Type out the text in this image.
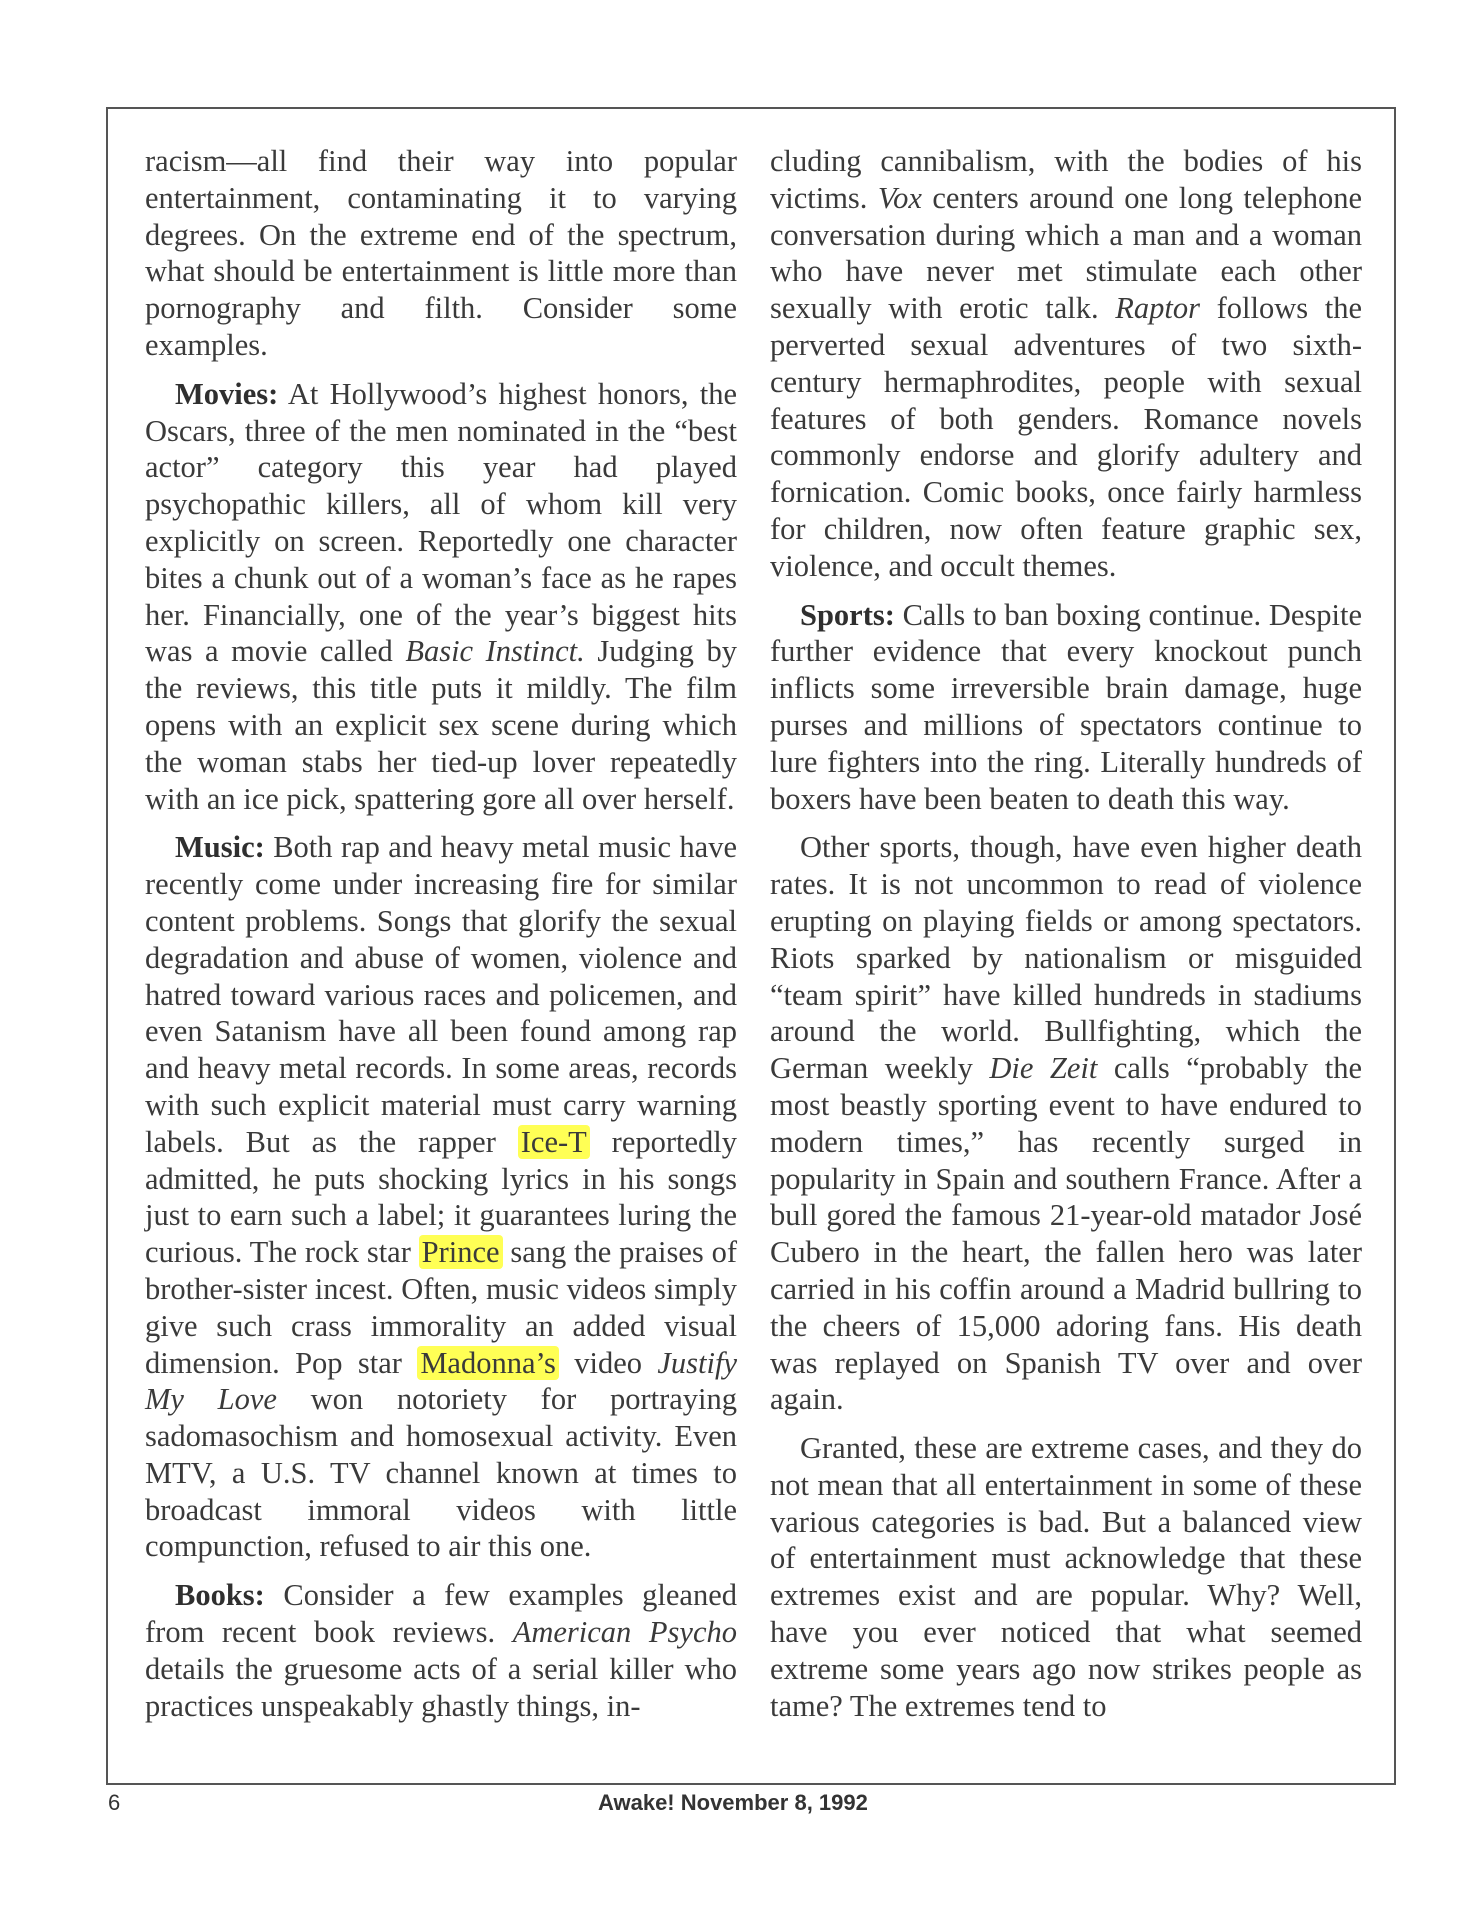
racism—all find their way into popular entertainment, contaminating it to varying degrees. On the extreme end of the spectrum, what should be entertainment is little more than pornography and filth. Consider some examples.

Movies: At Hollywood’s highest honors, the Oscars, three of the men nominated in the “best actor” category this year had played psychopathic killers, all of whom kill very explicitly on screen. Reportedly one character bites a chunk out of a woman’s face as he rapes her. Financially, one of the year’s biggest hits was a movie called Basic Instinct. Judging by the reviews, this title puts it mildly. The film opens with an explicit sex scene during which the woman stabs her tied-up lover repeatedly with an ice pick, spattering gore all over herself.

Music: Both rap and heavy metal music have recently come under increasing fire for similar content problems. Songs that glorify the sexual degradation and abuse of women, violence and hatred toward various races and policemen, and even Satanism have all been found among rap and heavy metal records. In some areas, records with such explicit material must carry warning labels. But as the rapper Ice-T reportedly admitted, he puts shocking lyrics in his songs just to earn such a label; it guarantees luring the curious. The rock star Prince sang the praises of brother-sister incest. Often, music videos simply give such crass immorality an added visual dimension. Pop star Madonna’s video Justify My Love won notoriety for portraying sadomasochism and homosexual activity. Even MTV, a U.S. TV channel known at times to broadcast immoral videos with little compunction, refused to air this one.

Books: Consider a few examples gleaned from recent book reviews. American Psycho details the gruesome acts of a serial killer who practices unspeakably ghastly things, in-

cluding cannibalism, with the bodies of his victims. Vox centers around one long telephone conversation during which a man and a woman who have never met stimulate each other sexually with erotic talk. Raptor follows the perverted sexual adventures of two sixth-century hermaphrodites, people with sexual features of both genders. Romance novels commonly endorse and glorify adultery and fornication. Comic books, once fairly harmless for children, now often feature graphic sex, violence, and occult themes.

Sports: Calls to ban boxing continue. Despite further evidence that every knockout punch inflicts some irreversible brain damage, huge purses and millions of spectators continue to lure fighters into the ring. Literally hundreds of boxers have been beaten to death this way.

Other sports, though, have even higher death rates. It is not uncommon to read of violence erupting on playing fields or among spectators. Riots sparked by nationalism or misguided “team spirit” have killed hundreds in stadiums around the world. Bullfighting, which the German weekly Die Zeit calls “probably the most beastly sporting event to have endured to modern times,” has recently surged in popularity in Spain and southern France. After a bull gored the famous 21-year-old matador José Cubero in the heart, the fallen hero was later carried in his coffin around a Madrid bullring to the cheers of 15,000 adoring fans. His death was replayed on Spanish TV over and over again.

Granted, these are extreme cases, and they do not mean that all entertainment in some of these various categories is bad. But a balanced view of entertainment must acknowledge that these extremes exist and are popular. Why? Well, have you ever noticed that what seemed extreme some years ago now strikes people as tame? The extremes tend to

6	Awake! November 8, 1992
